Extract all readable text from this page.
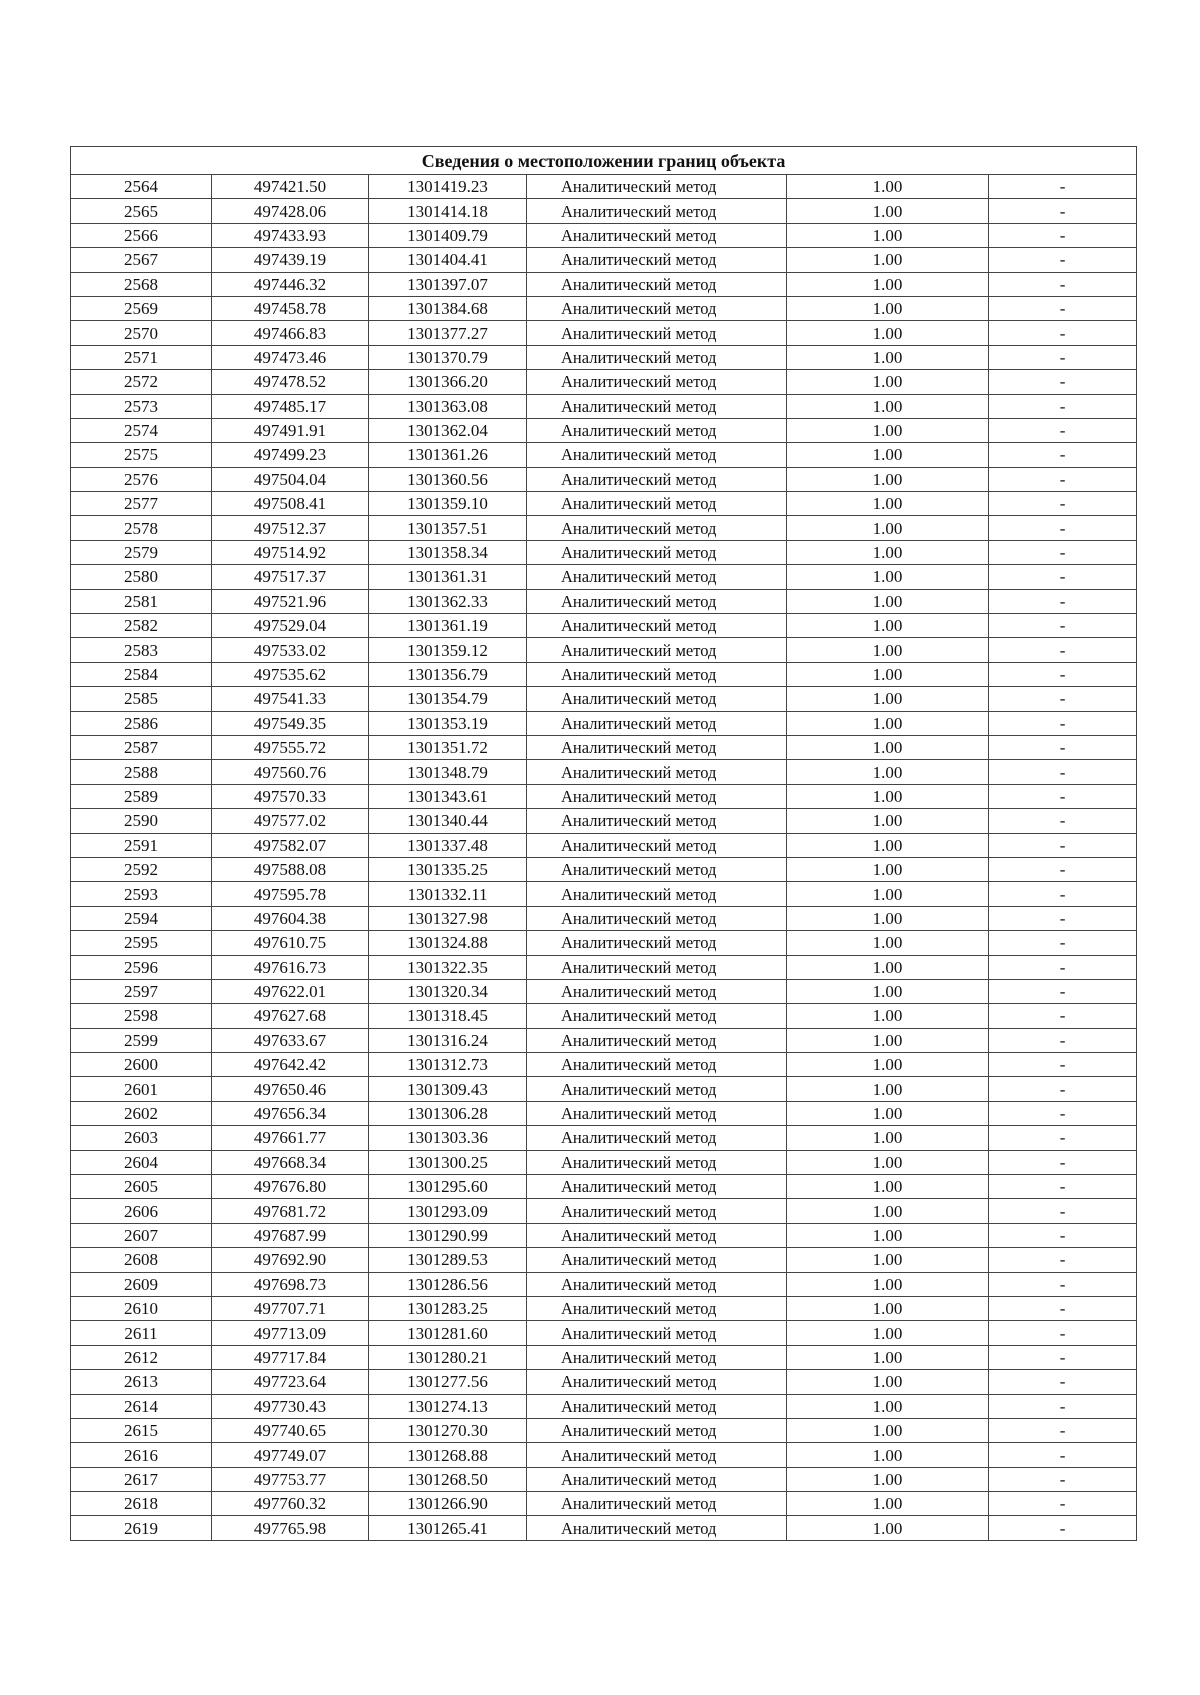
Сведения о местоположении границ объекта					
2564	497421.50	1301419.23	Аналитический метод	1.00	-
2565	497428.06	1301414.18	Аналитический метод	1.00	-
2566	497433.93	1301409.79	Аналитический метод	1.00	-
2567	497439.19	1301404.41	Аналитический метод	1.00	-
2568	497446.32	1301397.07	Аналитический метод	1.00	-
2569	497458.78	1301384.68	Аналитический метод	1.00	-
2570	497466.83	1301377.27	Аналитический метод	1.00	-
2571	497473.46	1301370.79	Аналитический метод	1.00	-
2572	497478.52	1301366.20	Аналитический метод	1.00	-
2573	497485.17	1301363.08	Аналитический метод	1.00	-
2574	497491.91	1301362.04	Аналитический метод	1.00	-
2575	497499.23	1301361.26	Аналитический метод	1.00	-
2576	497504.04	1301360.56	Аналитический метод	1.00	-
2577	497508.41	1301359.10	Аналитический метод	1.00	-
2578	497512.37	1301357.51	Аналитический метод	1.00	-
2579	497514.92	1301358.34	Аналитический метод	1.00	-
2580	497517.37	1301361.31	Аналитический метод	1.00	-
2581	497521.96	1301362.33	Аналитический метод	1.00	-
2582	497529.04	1301361.19	Аналитический метод	1.00	-
2583	497533.02	1301359.12	Аналитический метод	1.00	-
2584	497535.62	1301356.79	Аналитический метод	1.00	-
2585	497541.33	1301354.79	Аналитический метод	1.00	-
2586	497549.35	1301353.19	Аналитический метод	1.00	-
2587	497555.72	1301351.72	Аналитический метод	1.00	-
2588	497560.76	1301348.79	Аналитический метод	1.00	-
2589	497570.33	1301343.61	Аналитический метод	1.00	-
2590	497577.02	1301340.44	Аналитический метод	1.00	-
2591	497582.07	1301337.48	Аналитический метод	1.00	-
2592	497588.08	1301335.25	Аналитический метод	1.00	-
2593	497595.78	1301332.11	Аналитический метод	1.00	-
2594	497604.38	1301327.98	Аналитический метод	1.00	-
2595	497610.75	1301324.88	Аналитический метод	1.00	-
2596	497616.73	1301322.35	Аналитический метод	1.00	-
2597	497622.01	1301320.34	Аналитический метод	1.00	-
2598	497627.68	1301318.45	Аналитический метод	1.00	-
2599	497633.67	1301316.24	Аналитический метод	1.00	-
2600	497642.42	1301312.73	Аналитический метод	1.00	-
2601	497650.46	1301309.43	Аналитический метод	1.00	-
2602	497656.34	1301306.28	Аналитический метод	1.00	-
2603	497661.77	1301303.36	Аналитический метод	1.00	-
2604	497668.34	1301300.25	Аналитический метод	1.00	-
2605	497676.80	1301295.60	Аналитический метод	1.00	-
2606	497681.72	1301293.09	Аналитический метод	1.00	-
2607	497687.99	1301290.99	Аналитический метод	1.00	-
2608	497692.90	1301289.53	Аналитический метод	1.00	-
2609	497698.73	1301286.56	Аналитический метод	1.00	-
2610	497707.71	1301283.25	Аналитический метод	1.00	-
2611	497713.09	1301281.60	Аналитический метод	1.00	-
2612	497717.84	1301280.21	Аналитический метод	1.00	-
2613	497723.64	1301277.56	Аналитический метод	1.00	-
2614	497730.43	1301274.13	Аналитический метод	1.00	-
2615	497740.65	1301270.30	Аналитический метод	1.00	-
2616	497749.07	1301268.88	Аналитический метод	1.00	-
2617	497753.77	1301268.50	Аналитический метод	1.00	-
2618	497760.32	1301266.90	Аналитический метод	1.00	-
2619	497765.98	1301265.41	Аналитический метод	1.00	-
